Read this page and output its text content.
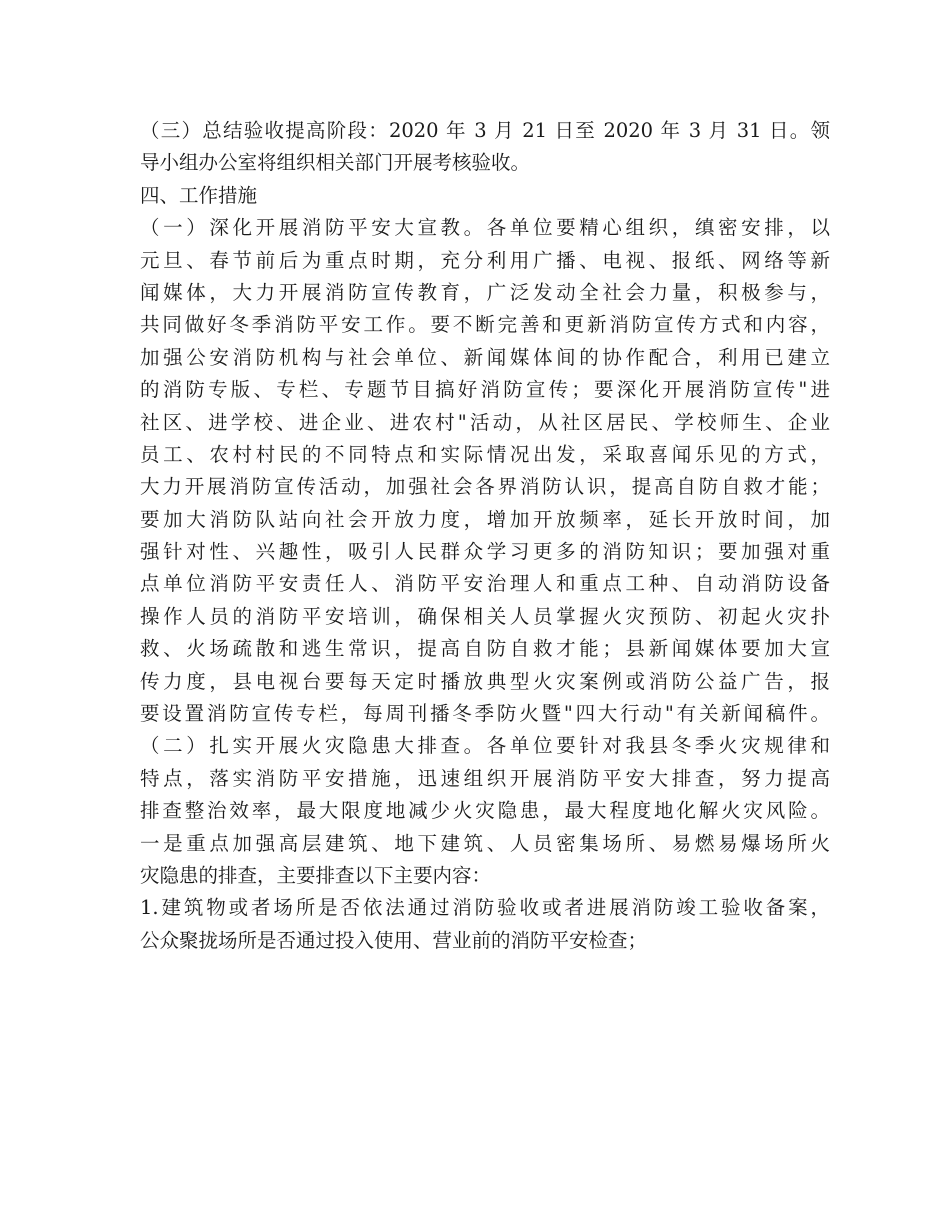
（三）总结验收提高阶段：2020 年 3 月 21 日至 2020 年 3 月 31 日。领
导小组办公室将组织相关部门开展考核验收。
四、工作措施
（一）深化开展消防平安大宣教。各单位要精心组织，缜密安排，以
元旦、春节前后为重点时期，充分利用广播、电视、报纸、网络等新
闻媒体，大力开展消防宣传教育，广泛发动全社会力量，积极参与，
共同做好冬季消防平安工作。要不断完善和更新消防宣传方式和内容，
加强公安消防机构与社会单位、新闻媒体间的协作配合，利用已建立
的消防专版、专栏、专题节目搞好消防宣传；要深化开展消防宣传"进
社区、进学校、进企业、进农村"活动，从社区居民、学校师生、企业
员工、农村村民的不同特点和实际情况出发，采取喜闻乐见的方式，
大力开展消防宣传活动，加强社会各界消防认识，提高自防自救才能；
要加大消防队站向社会开放力度，增加开放频率，延长开放时间，加
强针对性、兴趣性，吸引人民群众学习更多的消防知识；要加强对重
点单位消防平安责任人、消防平安治理人和重点工种、自动消防设备
操作人员的消防平安培训，确保相关人员掌握火灾预防、初起火灾扑
救、火场疏散和逃生常识，提高自防自救才能；县新闻媒体要加大宣
传力度，县电视台要每天定时播放典型火灾案例或消防公益广告，报
要设置消防宣传专栏，每周刊播冬季防火暨"四大行动"有关新闻稿件。
（二）扎实开展火灾隐患大排查。各单位要针对我县冬季火灾规律和
特点，落实消防平安措施，迅速组织开展消防平安大排查，努力提高
排查整治效率，最大限度地减少火灾隐患，最大程度地化解火灾风险。
一是重点加强高层建筑、地下建筑、人员密集场所、易燃易爆场所火
灾隐患的排查，主要排查以下主要内容：
1.建筑物或者场所是否依法通过消防验收或者进展消防竣工验收备案，
公众聚拢场所是否通过投入使用、营业前的消防平安检查；
